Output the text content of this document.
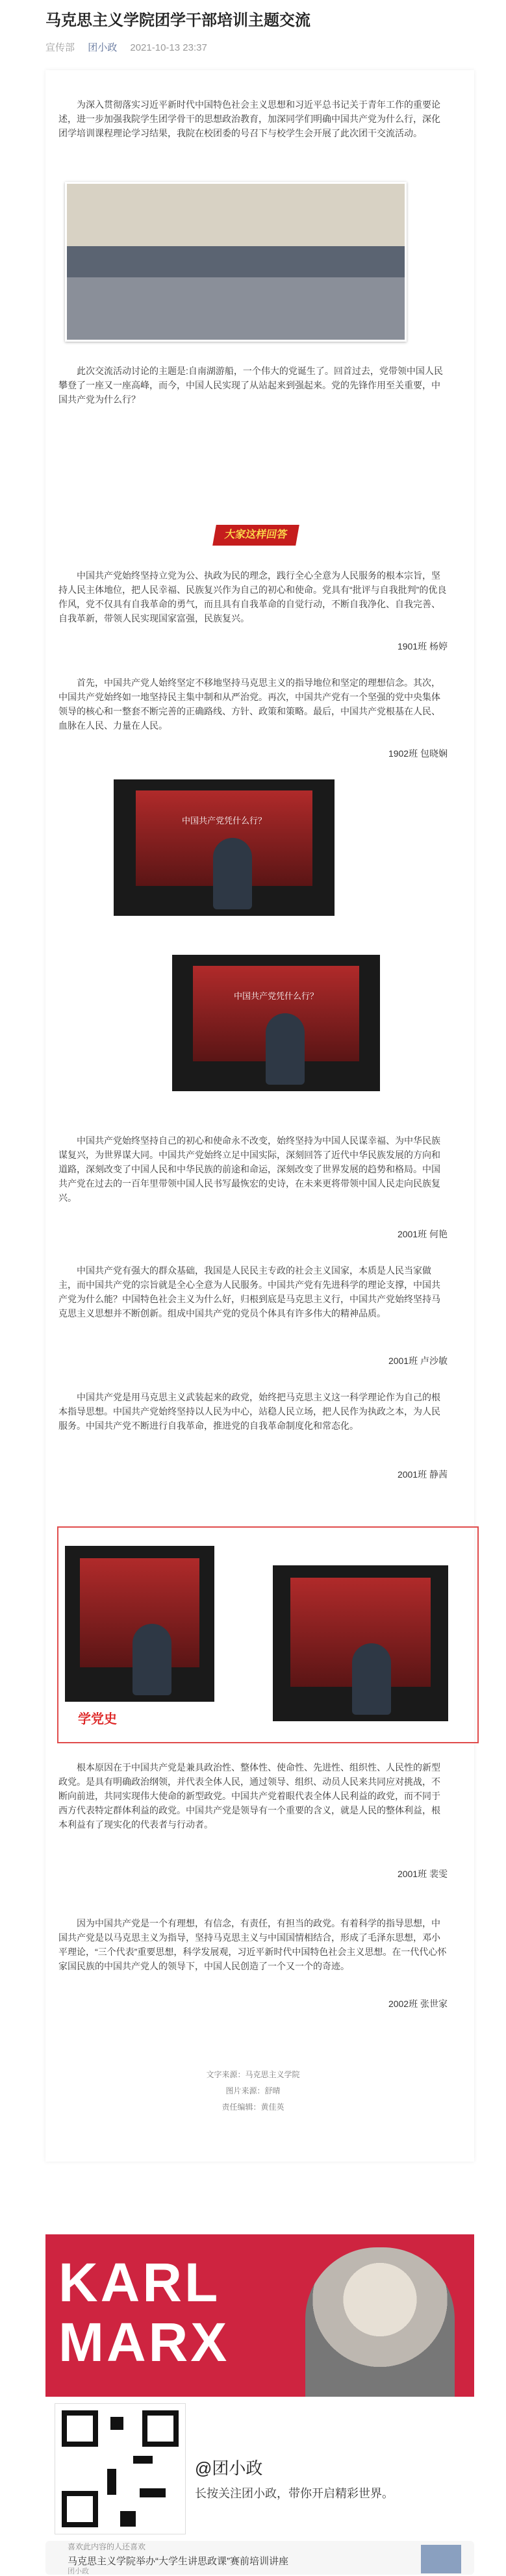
马克思主义学院团学干部培训主题交流
宣传部 团小政 2021-10-13 23:37

为深入贯彻落实习近平新时代中国特色社会主义思想和习近平总书记关于青年工作的重要论述，进一步加强我院学生团学骨干的思想政治教育，加深同学们明确中国共产党为什么行，深化团学培训课程理论学习结果，我院在校团委的号召下与校学生会开展了此次团干交流活动。

此次交流活动讨论的主题是:自南湖游船，一个伟大的党诞生了。回首过去，党带领中国人民攀登了一座又一座高峰，而今，中国人民实现了从站起来到强起来。党的先锋作用至关重要，中国共产党为什么行？

大家这样回答

中国共产党始终坚持立党为公、执政为民的理念，践行全心全意为人民服务的根本宗旨，坚持人民主体地位，把人民幸福、民族复兴作为自己的初心和使命。党具有“批评与自我批判”的优良作风，党不仅具有自我革命的勇气，而且具有自我革命的自觉行动，不断自我净化、自我完善、自我革新，带领人民实现国家富强，民族复兴。

1901班 杨婷

首先，中国共产党人始终坚定不移地坚持马克思主义的指导地位和坚定的理想信念。其次，中国共产党始终如一地坚持民主集中制和从严治党。再次，中国共产党有一个坚强的党中央集体领导的核心和一整套不断完善的正确路线、方针、政策和策略。最后，中国共产党根基在人民、血脉在人民、力量在人民。

1902班 包晓娴
中国共产党凭什么行？
中国共产党凭什么行？

中国共产党始终坚持自己的初心和使命永不改变，始终坚持为中国人民谋幸福、为中华民族谋复兴，为世界谋大同。中国共产党始终立足中国实际，深刻回答了近代中华民族发展的方向和道路，深刻改变了中国人民和中华民族的前途和命运，深刻改变了世界发展的趋势和格局。中国共产党在过去的一百年里带领中国人民书写最恢宏的史诗，在未来更将带领中国人民走向民族复兴。

2001班 何艳

中国共产党有强大的群众基础，我国是人民民主专政的社会主义国家，本质是人民当家做主，而中国共产党的宗旨就是全心全意为人民服务。中国共产党有先进科学的理论支撑，中国共产党为什么能？中国特色社会主义为什么好，归根到底是马克思主义行，中国共产党始终坚持马克思主义思想并不断创新。组成中国共产党的党员个体具有许多伟大的精神品质。

2001班 卢沙敏

中国共产党是用马克思主义武装起来的政党，始终把马克思主义这一科学理论作为自己的根本指导思想。中国共产党始终坚持以人民为中心，站稳人民立场，把人民作为执政之本，为人民服务。中国共产党不断进行自我革命，推进党的自我革命制度化和常态化。

2001班 静茜
学党史

根本原因在于中国共产党是兼具政治性、整体性、使命性、先进性、组织性、人民性的新型政党。是具有明确政治纲领，并代表全体人民，通过领导、组织、动员人民来共同应对挑战，不断向前进，共同实现伟大使命的新型政党。中国共产党着眼代表全体人民利益的政党，而不同于西方代表特定群体利益的政党。中国共产党是领导有一个重要的含义，就是人民的整体利益，根本利益有了现实化的代表者与行动者。

2001班 裴雯

因为中国共产党是一个有理想，有信念，有责任，有担当的政党。有着科学的指导思想，中国共产党是以马克思主义为指导，坚持马克思主义与中国国情相结合，形成了毛泽东思想，邓小平理论，“三个代表”重要思想，科学发展观，习近平新时代中国特色社会主义思想。在一代代心怀家国民族的中国共产党人的领导下，中国人民创造了一个又一个的奇迹。

2002班 张世家
文字来源：马克思主义学院
图片来源：舒晴
责任编辑：黄佳英
KARL
MARX
@团小政
长按关注团小政，带你开启精彩世界。
喜欢此内容的人还喜欢
马克思主义学院举办“大学生讲思政课”赛前培训讲座
团小政
